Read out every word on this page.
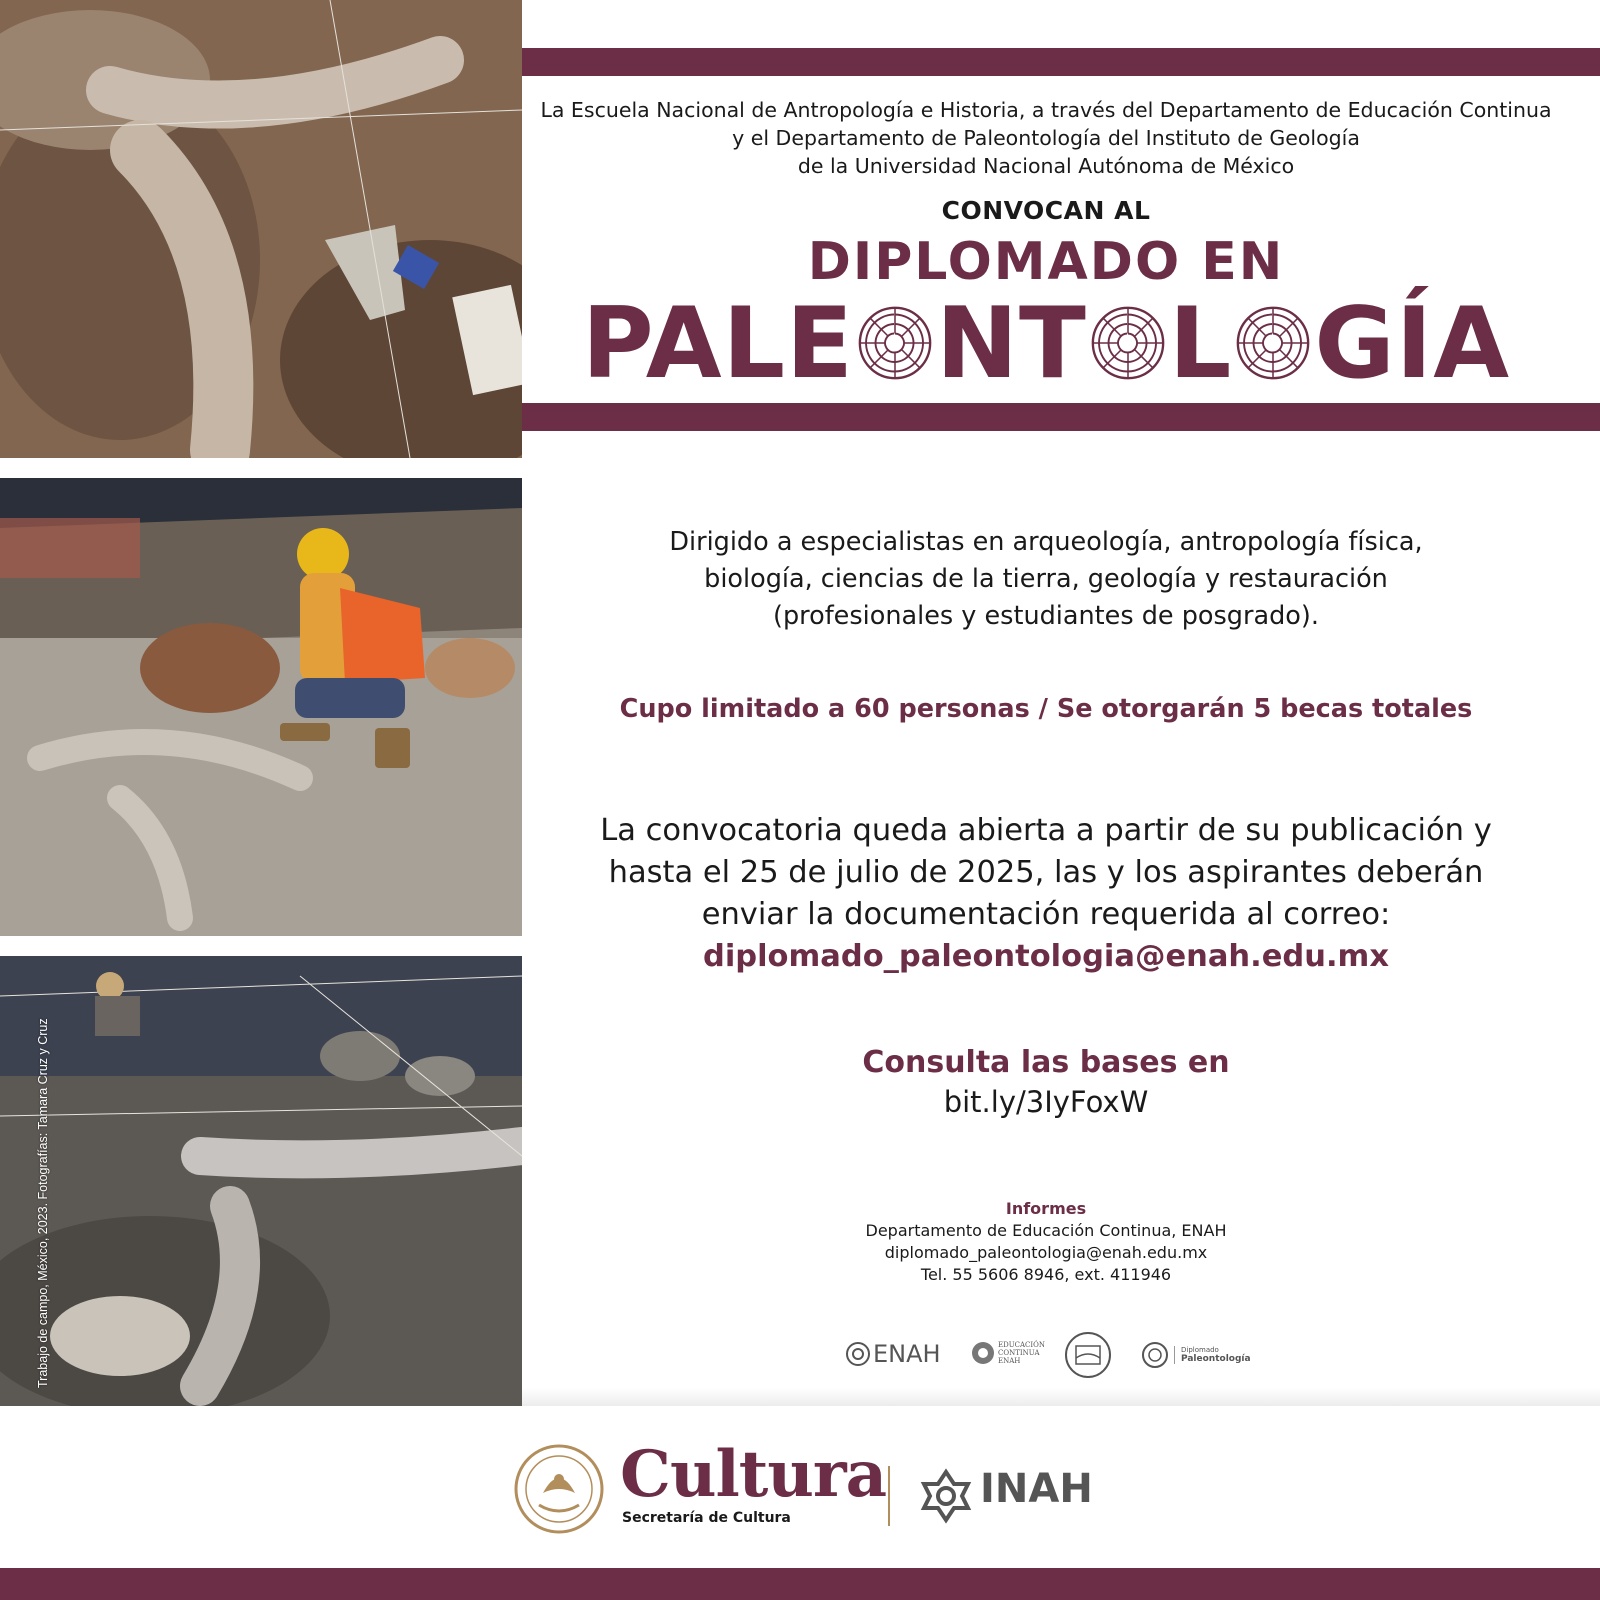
Trabajo de campo, México, 2023. Fotografías: Tamara Cruz y Cruz
La Escuela Nacional de Antropología e Historia, a través del Departamento de Educación Continua
y el Departamento de Paleontología del Instituto de Geología
de la Universidad Nacional Autónoma de México
CONVOCAN AL
DIPLOMADO EN
PALE NT L GÍA
Dirigido a especialistas en arqueología, antropología física,
biología, ciencias de la tierra, geología y restauración
(profesionales y estudiantes de posgrado).
Cupo limitado a 60 personas / Se otorgarán 5 becas totales
La convocatoria queda abierta a partir de su publicación y
hasta el 25 de julio de 2025, las y los aspirantes deberán
enviar la documentación requerida al correo:
diplomado_paleontologia@enah.edu.mx
Consulta las bases en
bit.ly/3IyFoxW
Informes
Departamento de Educación Continua, ENAH
diplomado_paleontologia@enah.edu.mx
Tel. 55 5606 8946, ext. 411946
ENAH	EDUCACIÓN CONTINUA ENAH
Diplomado
Paleontología
Cultura
Secretaría de Cultura
INAH
